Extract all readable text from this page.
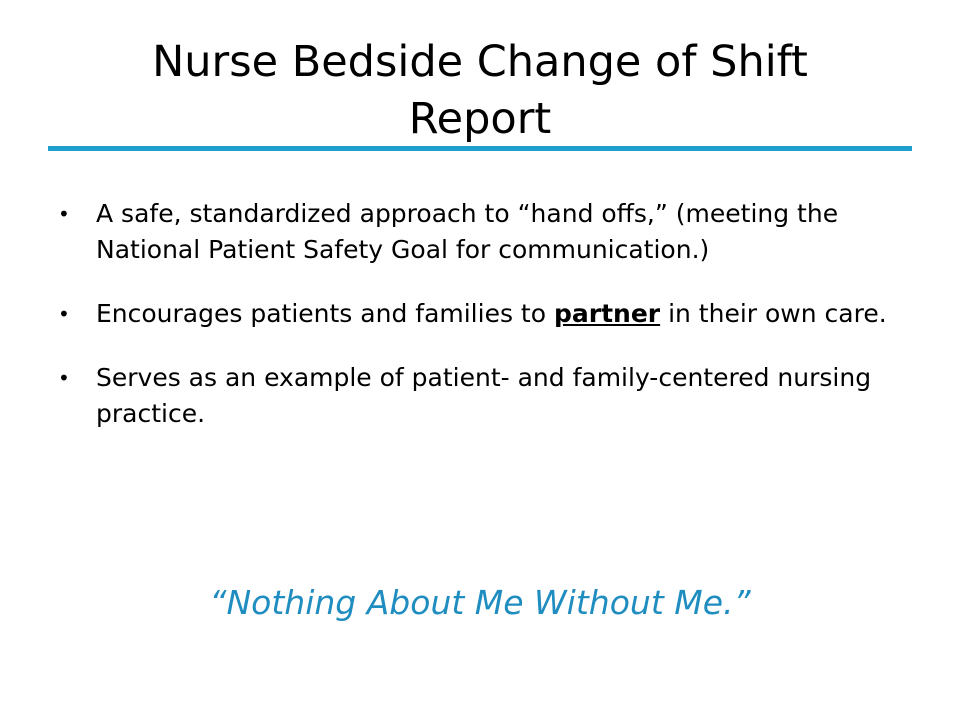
Nurse Bedside Change of Shift
Report
• A safe, standardized approach to “hand offs,” (meeting the National Patient Safety Goal for communication.)
• Encourages patients and families to partner in their own care.
• Serves as an example of patient- and family-centered nursing practice.
“Nothing About Me Without Me.”
